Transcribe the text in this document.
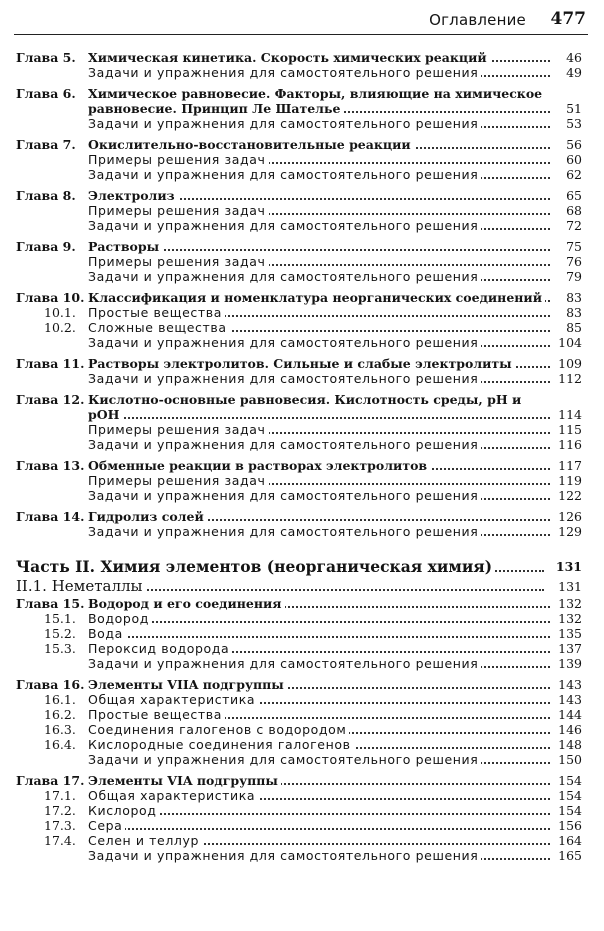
Оглавление 477
Глава 5. Химическая кинетика. Скорость химических реакций	46
Задачи и упражнения для самостоятельного решения	49
Глава 6. Химическое равновесие. Факторы, влияющие на химическое равновесие. Принцип Ле Шателье	51
Задачи и упражнения для самостоятельного решения	53
Глава 7. Окислительно-восстановительные реакции	56
Примеры решения задач	60
Задачи и упражнения для самостоятельного решения	62
Глава 8. Электролиз	65
Примеры решения задач	68
Задачи и упражнения для самостоятельного решения	72
Глава 9. Растворы	75
Примеры решения задач	76
Задачи и упражнения для самостоятельного решения	79
Глава 10. Классификация и номенклатура неорганических соединений	83
10.1. Простые вещества	83
10.2. Сложные вещества	85
Задачи и упражнения для самостоятельного решения	104
Глава 11. Растворы электролитов. Сильные и слабые электролиты	109
Задачи и упражнения для самостоятельного решения	112
Глава 12. Кислотно-основные равновесия. Кислотность среды, рН и рОН	114
Примеры решения задач	115
Задачи и упражнения для самостоятельного решения	116
Глава 13. Обменные реакции в растворах электролитов	117
Примеры решения задач	119
Задачи и упражнения для самостоятельного решения	122
Глава 14. Гидролиз солей	126
Задачи и упражнения для самостоятельного решения	129
Часть II. Химия элементов (неорганическая химия)	131
II.1. Неметаллы	131
Глава 15. Водород и его соединения	132
15.1. Водород	132
15.2. Вода	135
15.3. Пероксид водорода	137
Задачи и упражнения для самостоятельного решения	139
Глава 16. Элементы VIIA подгруппы	143
16.1. Общая характеристика	143
16.2. Простые вещества	144
16.3. Соединения галогенов с водородом	146
16.4. Кислородные соединения галогенов	148
Задачи и упражнения для самостоятельного решения	150
Глава 17. Элементы VIA подгруппы	154
17.1. Общая характеристика	154
17.2. Кислород	154
17.3. Сера	156
17.4. Селен и теллур	164
Задачи и упражнения для самостоятельного решения	165
